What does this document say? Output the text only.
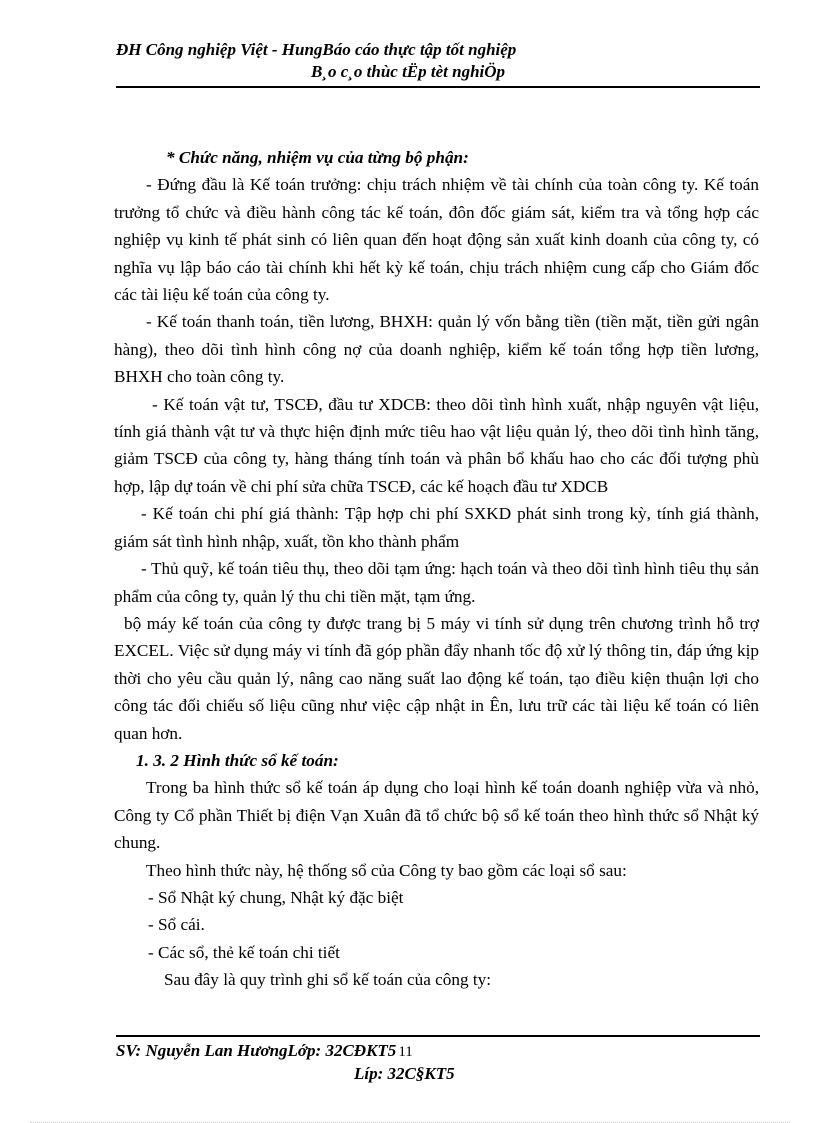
ĐH Công nghiệp Việt - HungBáo cáo thực tập tốt nghiệp
B¸o c¸o thùc tËp tèt nghiÖp

* Chức năng, nhiệm vụ của từng bộ phận:

- Đứng đầu là Kế toán trưởng: chịu trách nhiệm về tài chính của toàn công ty. Kế toán trưởng tổ chức và điều hành công tác kế toán, đôn đốc giám sát, kiểm tra và tổng hợp các nghiệp vụ kinh tế phát sinh có liên quan đến hoạt động sản xuất kinh doanh của công ty, có nghĩa vụ lập báo cáo tài chính khi hết kỳ kế toán, chịu trách nhiệm cung cấp cho Giám đốc các tài liệu kế toán của công ty.

- Kế toán thanh toán, tiền lương, BHXH: quản lý vốn bằng tiền (tiền mặt, tiền gửi ngân hàng), theo dõi tình hình công nợ của doanh nghiệp, kiểm kế toán tổng hợp tiền lương, BHXH cho toàn công ty.

- Kế toán vật tư, TSCĐ, đầu tư XDCB: theo dõi tình hình xuất, nhập nguyên vật liệu, tính giá thành vật tư và thực hiện định mức tiêu hao vật liệu quản lý, theo dõi tình hình tăng, giảm TSCĐ của công ty, hàng tháng tính toán và phân bổ khấu hao cho các đối tượng phù hợp, lập dự toán về chi phí sửa chữa TSCĐ, các kế hoạch đầu tư XDCB

- Kế toán chi phí giá thành: Tập hợp chi phí SXKD phát sinh trong kỳ, tính giá thành, giám sát tình hình nhập, xuất, tồn kho thành phẩm

- Thủ quỹ, kế toán tiêu thụ, theo dõi tạm ứng: hạch toán và theo dõi tình hình tiêu thụ sản phẩm của công ty, quản lý thu chi tiền mặt, tạm ứng.

bộ máy kế toán của công ty được trang bị 5 máy vi tính sử dụng trên chương trình hỗ trợ EXCEL. Việc sử dụng máy vi tính đã góp phần đẩy nhanh tốc độ xử lý thông tin, đáp ứng kịp thời cho yêu cầu quản lý, nâng cao năng suất lao động kế toán, tạo điều kiện thuận lợi cho công tác đối chiếu số liệu cũng như việc cập nhật in Ên, lưu trữ các tài liệu kế toán có liên quan hơn.

1. 3. 2 Hình thức sổ kế toán:

Trong ba hình thức sổ kế toán áp dụng cho loại hình kế toán doanh nghiệp vừa và nhỏ, Công ty Cổ phần Thiết bị điện Vạn Xuân đã tổ chức bộ sổ kế toán theo hình thức sổ Nhật ký chung.

Theo hình thức này, hệ thống sổ của Công ty bao gồm các loại sổ sau:

- Sổ Nhật ký chung, Nhật ký đặc biệt

- Sổ cái.

- Các sổ, thẻ kế toán chi tiết

Sau đây là quy trình ghi sổ kế toán của công ty:

SV: Nguyễn Lan HươngLớp: 32CĐKT5 11
Líp: 32C§KT5
